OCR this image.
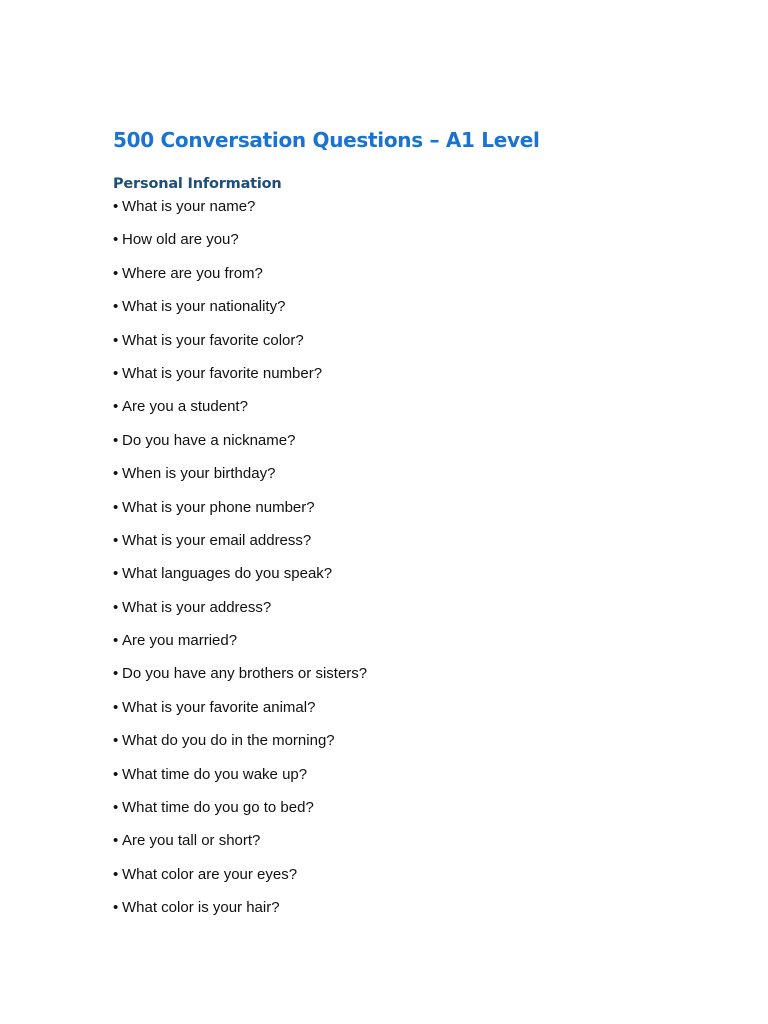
500 Conversation Questions – A1 Level
Personal Information
• What is your name?
• How old are you?
• Where are you from?
• What is your nationality?
• What is your favorite color?
• What is your favorite number?
• Are you a student?
• Do you have a nickname?
• When is your birthday?
• What is your phone number?
• What is your email address?
• What languages do you speak?
• What is your address?
• Are you married?
• Do you have any brothers or sisters?
• What is your favorite animal?
• What do you do in the morning?
• What time do you wake up?
• What time do you go to bed?
• Are you tall or short?
• What color are your eyes?
• What color is your hair?
